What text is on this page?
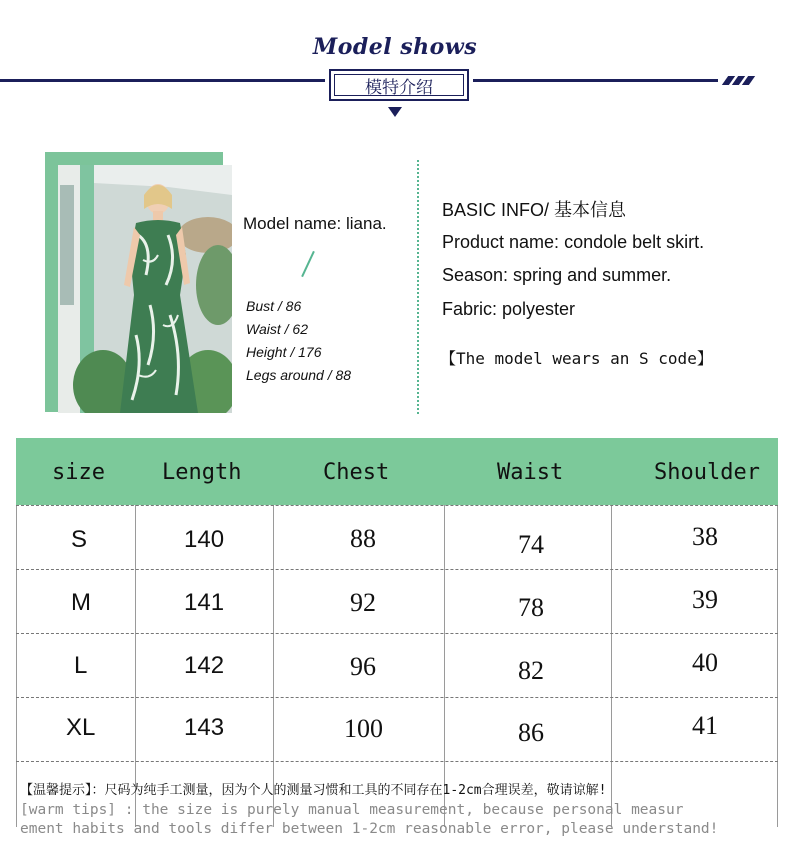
Model shows
模特介绍
Model name: liana.
Bust / 86
Waist / 62
Height / 176
Legs around / 88
BASIC INFO/ 基本信息
Product name: condole belt skirt.
Season: spring and summer.
Fabric: polyester
【The model wears an S code】
size	Length	Chest	Waist	Shoulder
S	140	88	74	38
M	141	92	78	39
L	142	96	82	40
XL	143	100	86	41
【温馨提示】：尺码为纯手工测量，因为个人的测量习惯和工具的不同存在1-2cm合理误差，敬请谅解!
[warm tips] : the size is purely manual measurement, because personal measur
ement habits and tools differ between 1-2cm reasonable error, please understand!
